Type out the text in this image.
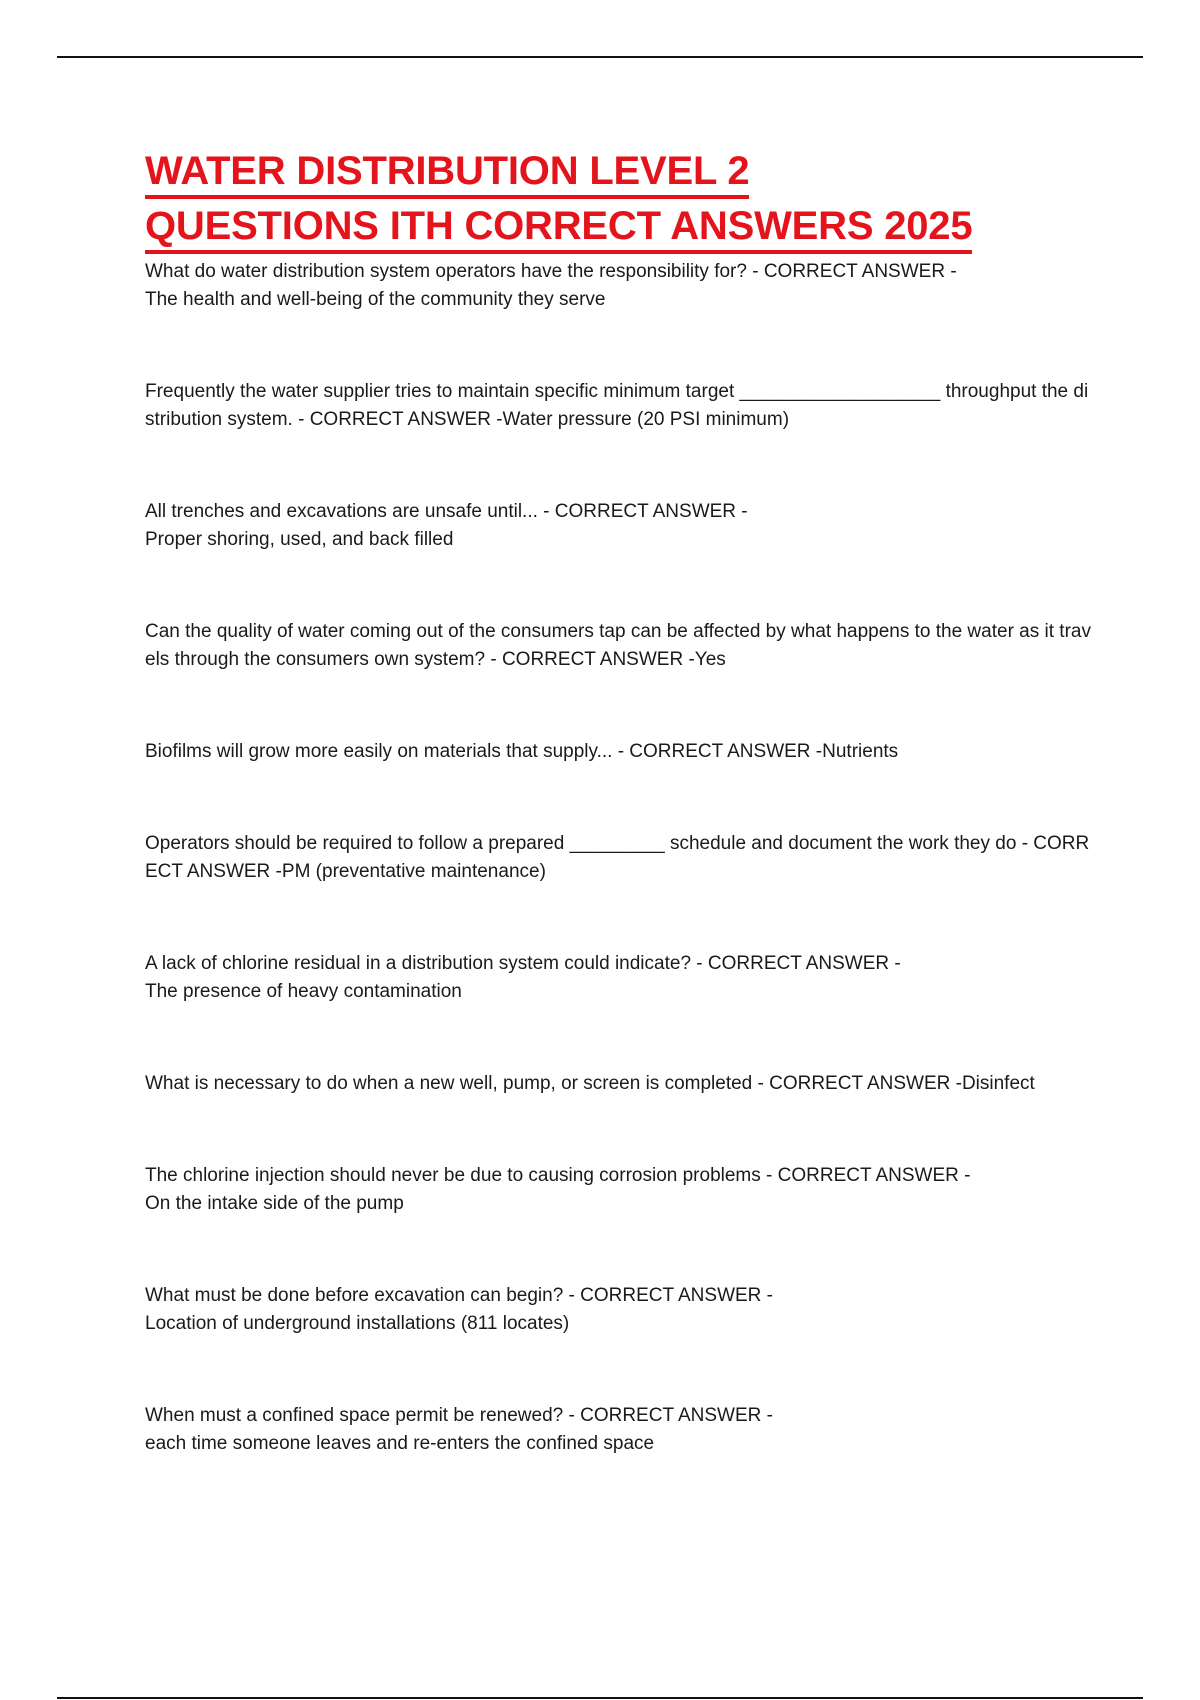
WATER DISTRIBUTION LEVEL 2
QUESTIONS ITH CORRECT ANSWERS 2025
What do water distribution system operators have the responsibility for? - CORRECT ANSWER -
The health and well-being of the community they serve
Frequently the water supplier tries to maintain specific minimum target ___________________ throughput the distribution system. - CORRECT ANSWER -Water pressure (20 PSI minimum)
All trenches and excavations are unsafe until... - CORRECT ANSWER -
Proper shoring, used, and back filled
Can the quality of water coming out of the consumers tap can be affected by what happens to the water as it travels through the consumers own system? - CORRECT ANSWER -Yes
Biofilms will grow more easily on materials that supply... - CORRECT ANSWER -Nutrients
Operators should be required to follow a prepared _________ schedule and document the work they do - CORRECT ANSWER -PM (preventative maintenance)
A lack of chlorine residual in a distribution system could indicate? - CORRECT ANSWER -
The presence of heavy contamination
What is necessary to do when a new well, pump, or screen is completed - CORRECT ANSWER -Disinfect
The chlorine injection should never be due to causing corrosion problems - CORRECT ANSWER -
On the intake side of the pump
What must be done before excavation can begin? - CORRECT ANSWER -
Location of underground installations (811 locates)
When must a confined space permit be renewed? - CORRECT ANSWER -
each time someone leaves and re-enters the confined space
